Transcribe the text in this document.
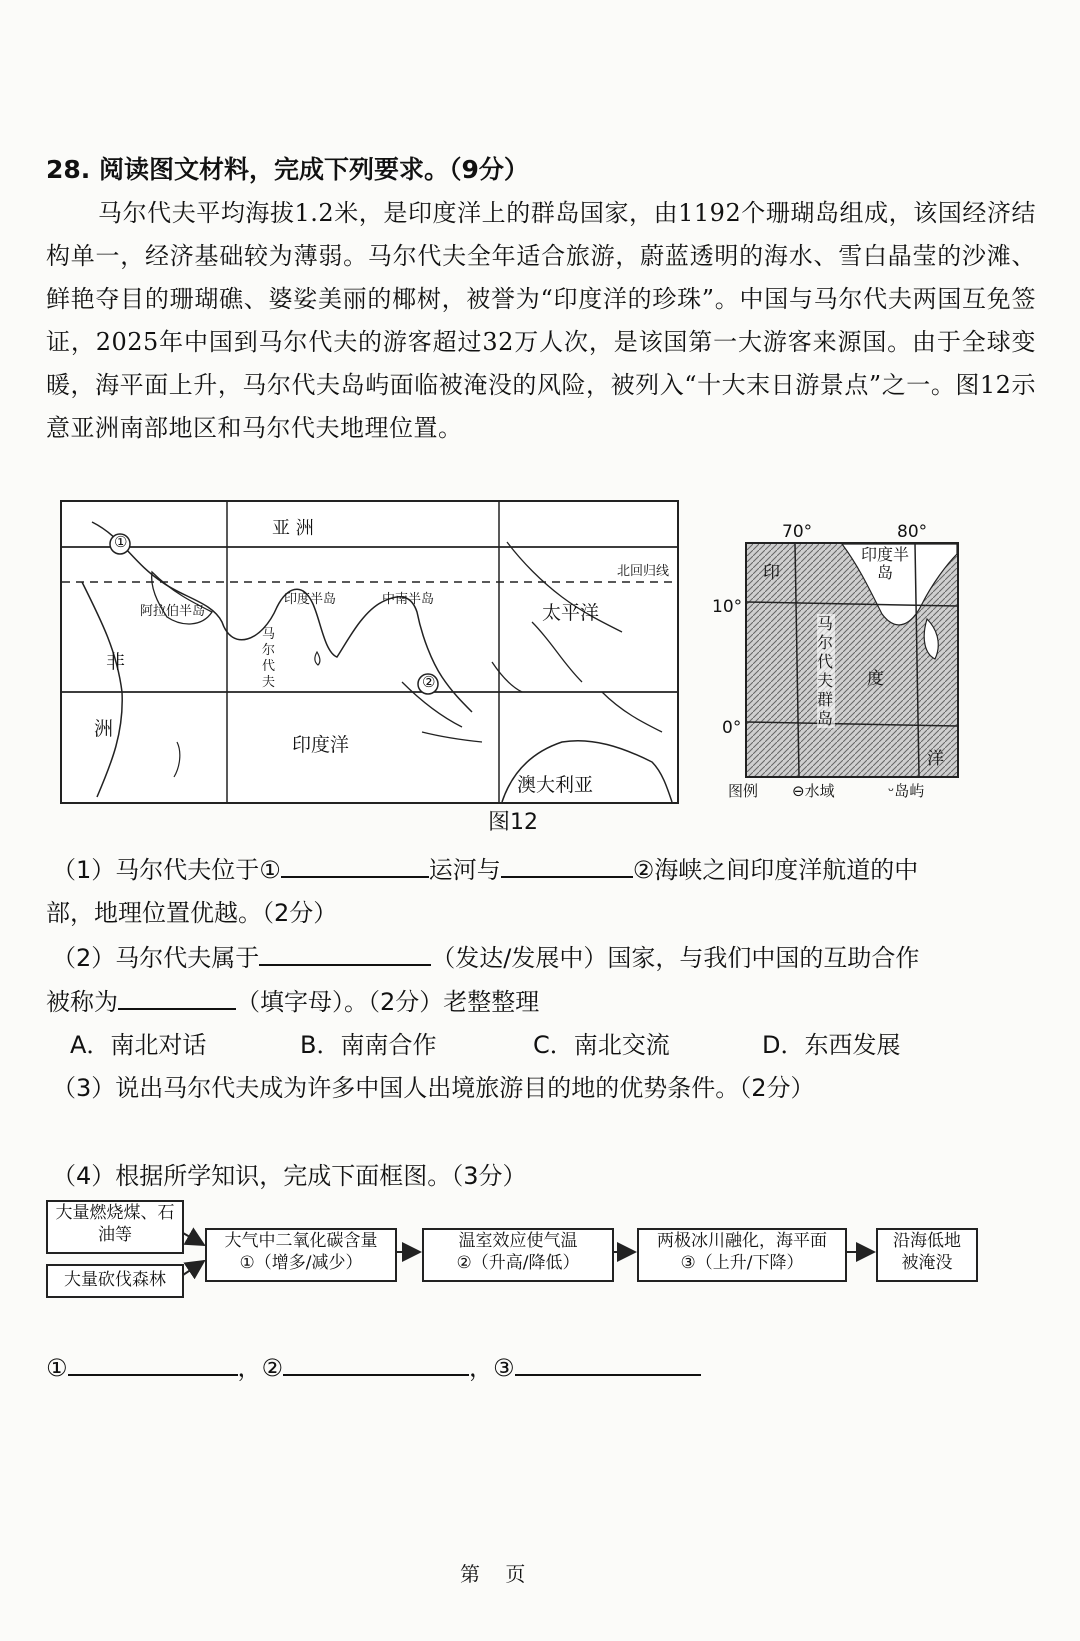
28. 阅读图文材料，完成下列要求。（9分）

马尔代夫平均海拔1.2米，是印度洋上的群岛国家，由1192个珊瑚岛组成，该国经济结构单一，经济基础较为薄弱。马尔代夫全年适合旅游，蔚蓝透明的海水、雪白晶莹的沙滩、鲜艳夺目的珊瑚礁、婆娑美丽的椰树，被誉为“印度洋的珍珠”。中国与马尔代夫两国互免签证，2025年中国到马尔代夫的游客超过32万人次，是该国第一大游客来源国。由于全球变暖，海平面上升，马尔代夫岛屿面临被淹没的风险，被列入“十大末日游景点”之一。图12示意亚洲南部地区和马尔代夫地理位置。

①
②
亚 洲
北回归线
阿拉伯半岛
印度半岛	中南半岛
太平洋
马尔代夫
非
洲
印度洋
澳大利亚
70°	80°
10°
0°
印度半岛
印
度
洋
马尔代夫群岛
图例 ⊖水域	ᵕ岛屿
图12
（1）马尔代夫位于①	运河与	②海峡之间印度洋航道的中
部，地理位置优越。（2分）
（2）马尔代夫属于	（发达/发展中）国家，与我们中国的互助合作
被称为	（填字母）。（2分）老整整理
A．南北对话	B．南南合作	C．南北交流	D．东西发展
（3）说出马尔代夫成为许多中国人出境旅游目的地的优势条件。（2分）
（4）根据所学知识，完成下面框图。（3分）
大量燃烧煤、石油等
大量砍伐森林
大气中二氧化碳含量
①（增多/减少）
温室效应使气温
②（升高/降低）
两极冰川融化，海平面
③（上升/下降）
沿海低地
被淹没
①	，②	，③
第    页
